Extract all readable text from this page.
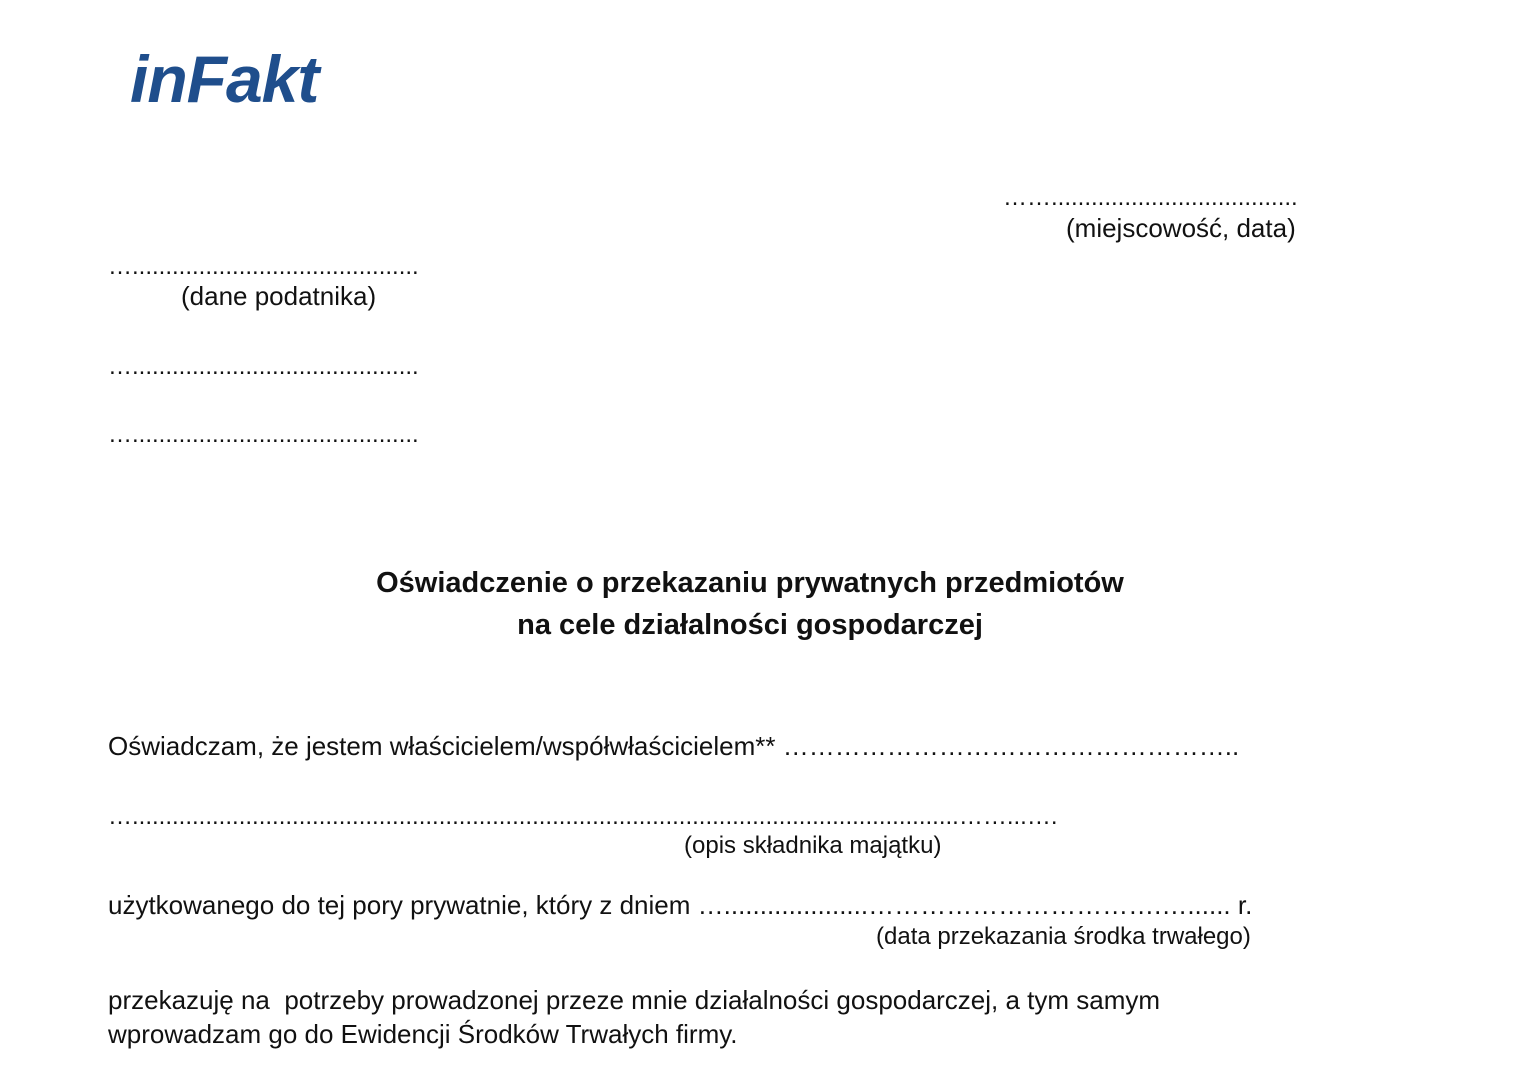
inFakt
…….....................................
(miejscowość, data)
…...........................................
(dane podatnika)
…...........................................
…...........................................
Oświadczenie o przekazaniu prywatnych przedmiotów
na cele działalności gospodarczej
Oświadczam, że jestem właścicielem/współwłaścicielem** ……………………………………………..
…............................................................................................................................……...….
(opis składnika majątku)
użytkowanego do tej pory prywatnie, który z dniem …....................…………………………….…...... r.
(data przekazania środka trwałego)
przekazuję na  potrzeby prowadzonej przeze mnie działalności gospodarczej, a tym samym
wprowadzam go do Ewidencji Środków Trwałych firmy.
